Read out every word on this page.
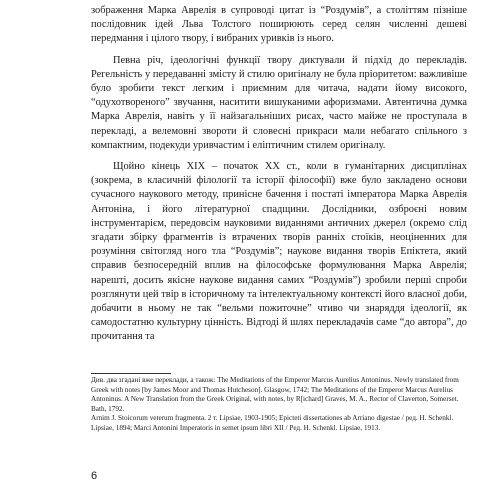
зображення Марка Аврелія в супроводі цитат із “Роздумів”, а століттям пізніше послідовник ідей Льва Толстого поширюють серед селян численні дешеві передмання і цілого твору, і вибраних уривків із нього.

Певна річ, ідеологічні функції твору диктували й підхід до перекладів. Регельність у передаванні змісту й стилю оригіналу не була пріоритетом: важливіше було зробити текст легким і приємним для читача, надати йому високого, “одухотвореного” звучання, наситити вишуканими афоризмами. Автентична думка Марка Аврелія, навіть у її найзагальніших рисах, часто майже не проступала в перекладі, а велемовні звороти й словесні прикраси мали небагато спільного з компактним, подекуди уривчастим і еліптичним стилем оригіналу.

Щойно кінець XIX – початок XX ст., коли в гуманітарних дисциплінах (зокрема, в класичній філології та історії філософії) вже було закладено основи сучасного наукового методу, принісне бачення і постаті імператора Марка Аврелія Антоніна, і його літературної спадщини. Дослідники, озброєні новим інструментарієм, передовсім науковими виданнями античних джерел (окремо слід згадати збірку фрагментів із втрачених творів ранніх стоїків, неоціненних для розуміння світогляд ного тла “Роздумів”; наукове видання творів Епіктета, який справив безпосередній вплив на філософське формулювання Марка Аврелія; нарешті, досить якісне наукове видання самих “Роздумів”) зробили перші спроби розглянути цей твір в історичному та інтелектуальному контексті його власної доби, добачити в ньому не так “вельми пожиточне” чтиво чи знаряддя ідеології, як самодостатню культурну цінність. Відтоді й шлях перекладачів саме “до автора”, до прочитання та

Див. два згадані вже переклади, а також: The Meditations of the Emperor Marcus Aurelius Antoninus. Newly translated from Greek with notes [by James Moor and Thomas Hutcheson]. Glasgow, 1742; The Meditations of the Emperor Marcus Aurelius Antoninus. A New Translation from the Greek Original, with notes, by R[ichard] Graves, M. A., Rector of Claverton, Somerset. Bath, 1792.

Arnim J. Stoicorum veterum fragmenta. 2 т. Lipsiae, 1903-1905; Epicteti dissertationes ab Arriano digestae / ред. H. Schenkl. Lipsiae, 1894; Marci Antonini Imperatoris in semet ipsum libri XII / Ред. H. Schenkl. Lipsiae, 1913.

6
